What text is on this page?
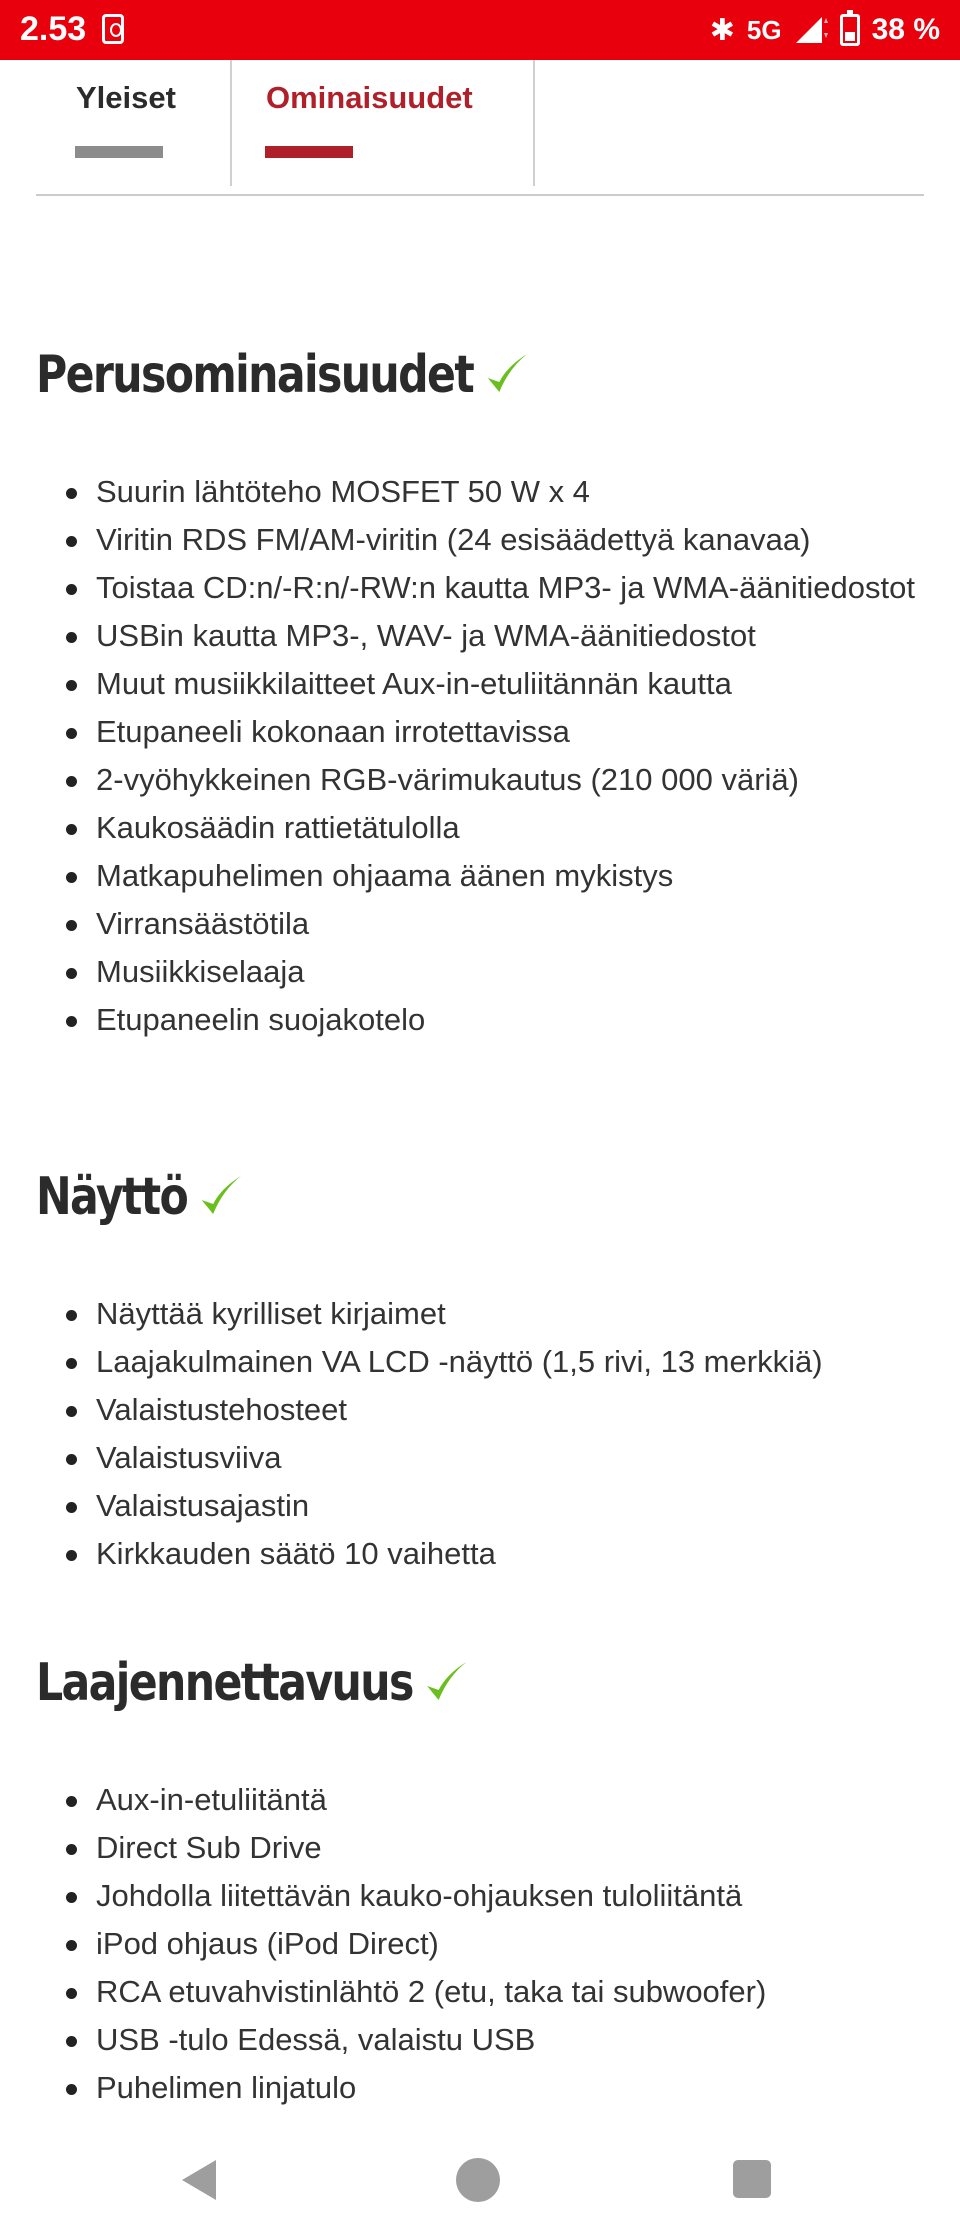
2.53	✱ 5G	38 %
Yleiset	Ominaisuudet
Perusominaisuudet
Suurin lähtöteho MOSFET 50 W x 4
Viritin RDS FM/AM-viritin (24 esisäädettyä kanavaa)
Toistaa CD:n/-R:n/-RW:n kautta MP3- ja WMA-äänitiedostot
USBin kautta MP3-, WAV- ja WMA-äänitiedostot
Muut musiikkilaitteet Aux-in-etuliitännän kautta
Etupaneeli kokonaan irrotettavissa
2-vyöhykkeinen RGB-värimukautus (210 000 väriä)
Kaukosäädin rattietätulolla
Matkapuhelimen ohjaama äänen mykistys
Virransäästötila
Musiikkiselaaja
Etupaneelin suojakotelo
Näyttö
Näyttää kyrilliset kirjaimet
Laajakulmainen VA LCD -näyttö (1,5 rivi, 13 merkkiä)
Valaistustehosteet
Valaistusviiva
Valaistusajastin
Kirkkauden säätö 10 vaihetta
Laajennettavuus
Aux-in-etuliitäntä
Direct Sub Drive
Johdolla liitettävän kauko-ohjauksen tuloliitäntä
iPod ohjaus (iPod Direct)
RCA etuvahvistinlähtö 2 (etu, taka tai subwoofer)
USB -tulo Edessä, valaistu USB
Puhelimen linjatulo
